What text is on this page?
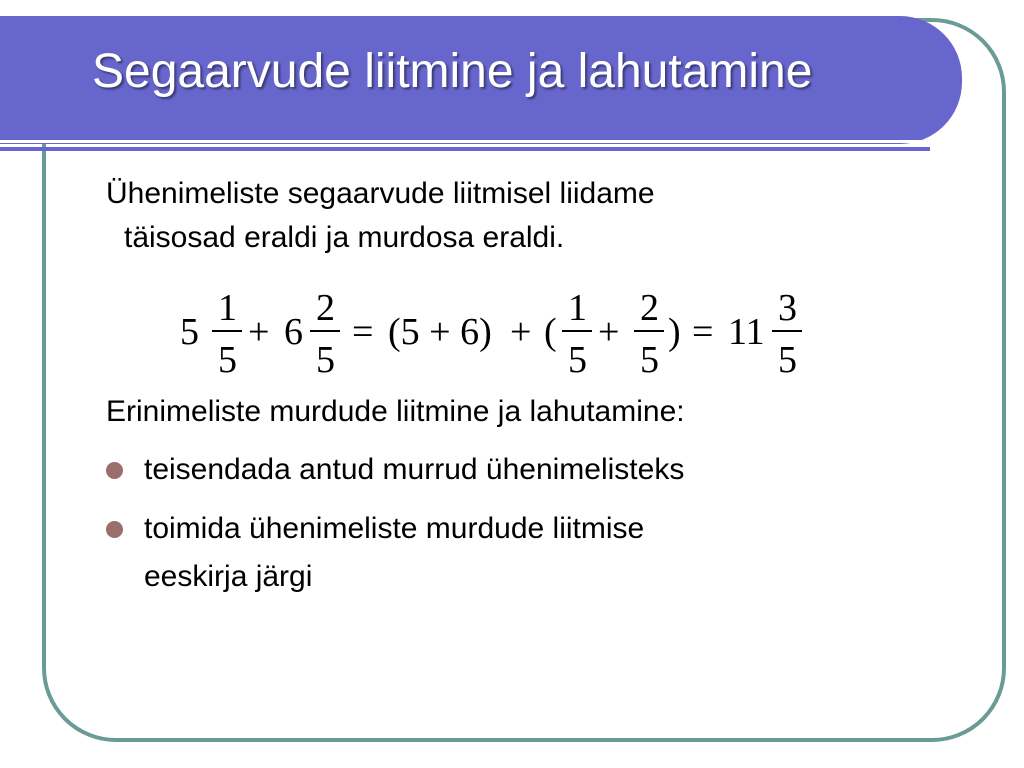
Segaarvude liitmine ja lahutamine
Ühenimeliste segaarvude liitmisel liidame
täisosad eraldi ja murdosa eraldi.
5
1
5
+ 6
2
5
= (5 + 6) + (
1
5
+
2
5
) = 11
3
5
Erinimeliste murdude liitmine ja lahutamine:
teisendada antud murrud ühenimelisteks
toimida ühenimeliste murdude liitmise
eeskirja järgi
